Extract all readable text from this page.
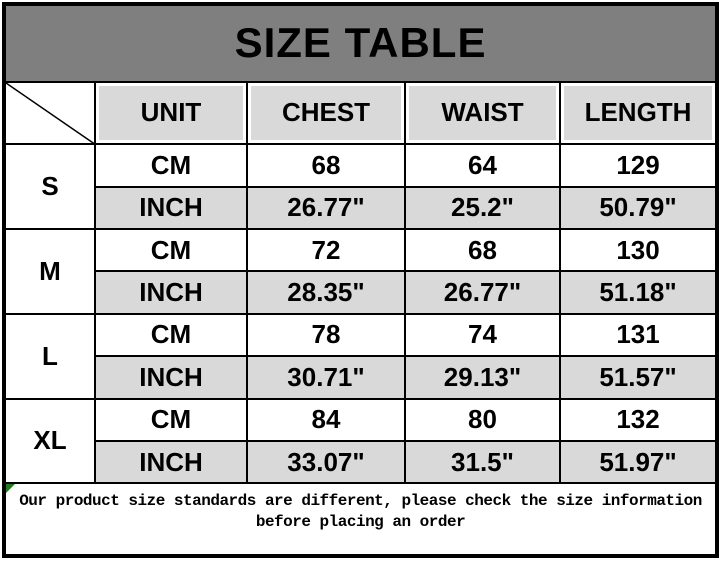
SIZE TABLE				

	UNIT	CHEST	WAIST	LENGTH
S	CM	68	64	129
	INCH	26.77"	25.2"	50.79"
M	CM	72	68	130
	INCH	28.35"	26.77"	51.18"
L	CM	78	74	131
	INCH	30.71"	29.13"	51.57"
XL	CM	84	80	132
	INCH	33.07"	31.5"	51.97"

Our product size standards are different, please check the size information
before placing an order				
